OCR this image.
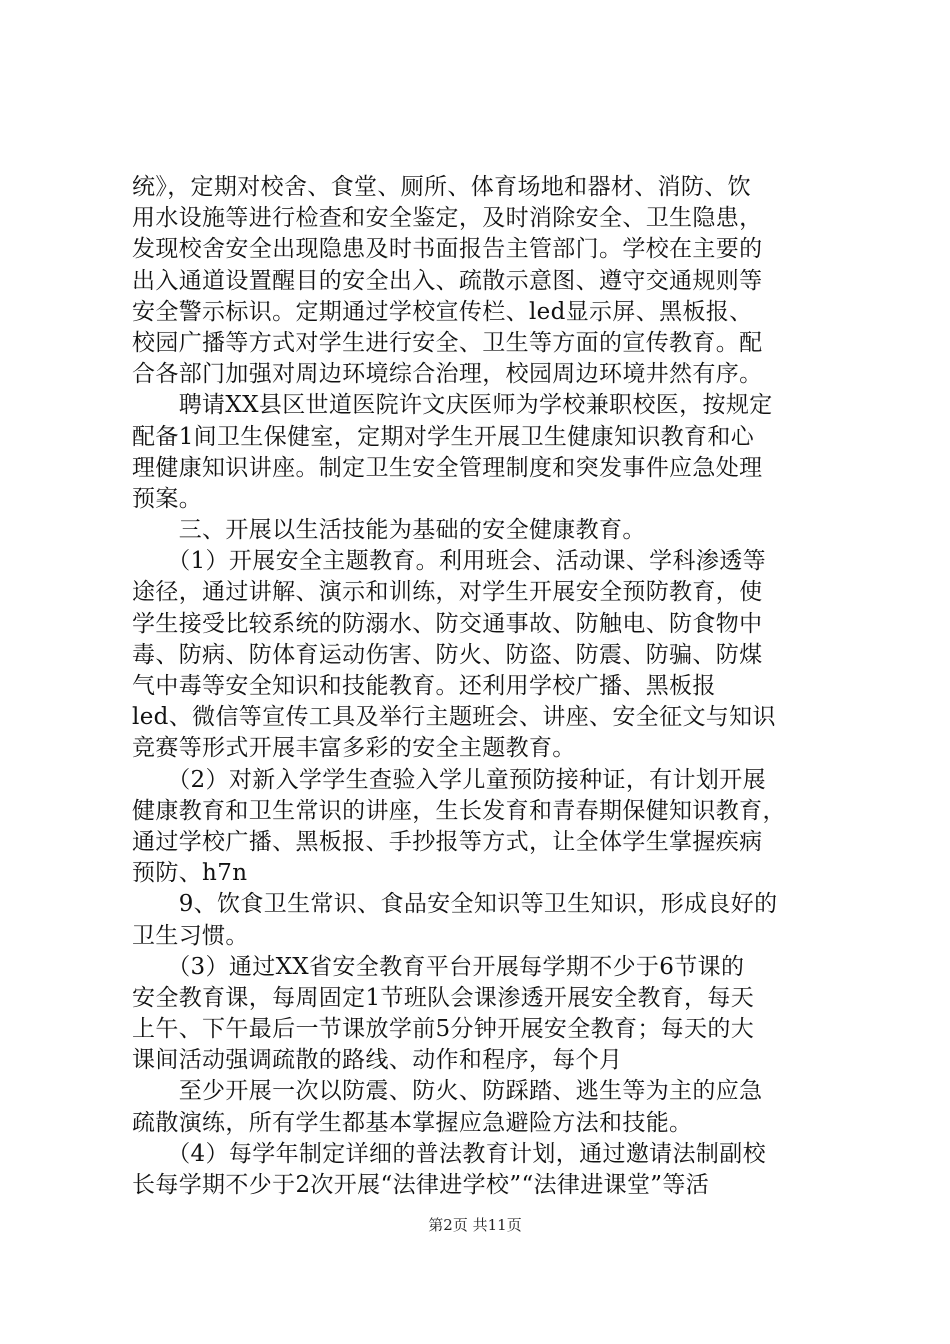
统》，定期对校舍、食堂、厕所、体育场地和器材、消防、饮
用水设施等进行检查和安全鉴定，及时消除安全、卫生隐患，
发现校舍安全出现隐患及时书面报告主管部门。学校在主要的
出入通道设置醒目的安全出入、疏散示意图、遵守交通规则等
安全警示标识。定期通过学校宣传栏、led显示屏、黑板报、
校园广播等方式对学生进行安全、卫生等方面的宣传教育。配
合各部门加强对周边环境综合治理，校园周边环境井然有序。
　　聘请XX县区世道医院许文庆医师为学校兼职校医，按规定
配备1间卫生保健室，定期对学生开展卫生健康知识教育和心
理健康知识讲座。制定卫生安全管理制度和突发事件应急处理
预案。
　　三、开展以生活技能为基础的安全健康教育。
　　（1）开展安全主题教育。利用班会、活动课、学科渗透等
途径，通过讲解、演示和训练，对学生开展安全预防教育，使
学生接受比较系统的防溺水、防交通事故、防触电、防食物中
毒、防病、防体育运动伤害、防火、防盗、防震、防骗、防煤
气中毒等安全知识和技能教育。还利用学校广播、黑板报
led、微信等宣传工具及举行主题班会、讲座、安全征文与知识
竞赛等形式开展丰富多彩的安全主题教育。
　　（2）对新入学学生查验入学儿童预防接种证，有计划开展
健康教育和卫生常识的讲座，生长发育和青春期保健知识教育，
通过学校广播、黑板报、手抄报等方式，让全体学生掌握疾病
预防、h7n
　　9、饮食卫生常识、食品安全知识等卫生知识，形成良好的
卫生习惯。
　　（3）通过XX省安全教育平台开展每学期不少于6节课的
安全教育课，每周固定1节班队会课渗透开展安全教育，每天
上午、下午最后一节课放学前5分钟开展安全教育；每天的大
课间活动强调疏散的路线、动作和程序，每个月
　　至少开展一次以防震、防火、防踩踏、逃生等为主的应急
疏散演练，所有学生都基本掌握应急避险方法和技能。
　　（4）每学年制定详细的普法教育计划，通过邀请法制副校
长每学期不少于2次开展“法律进学校”“法律进课堂”等活
第2页 共11页
